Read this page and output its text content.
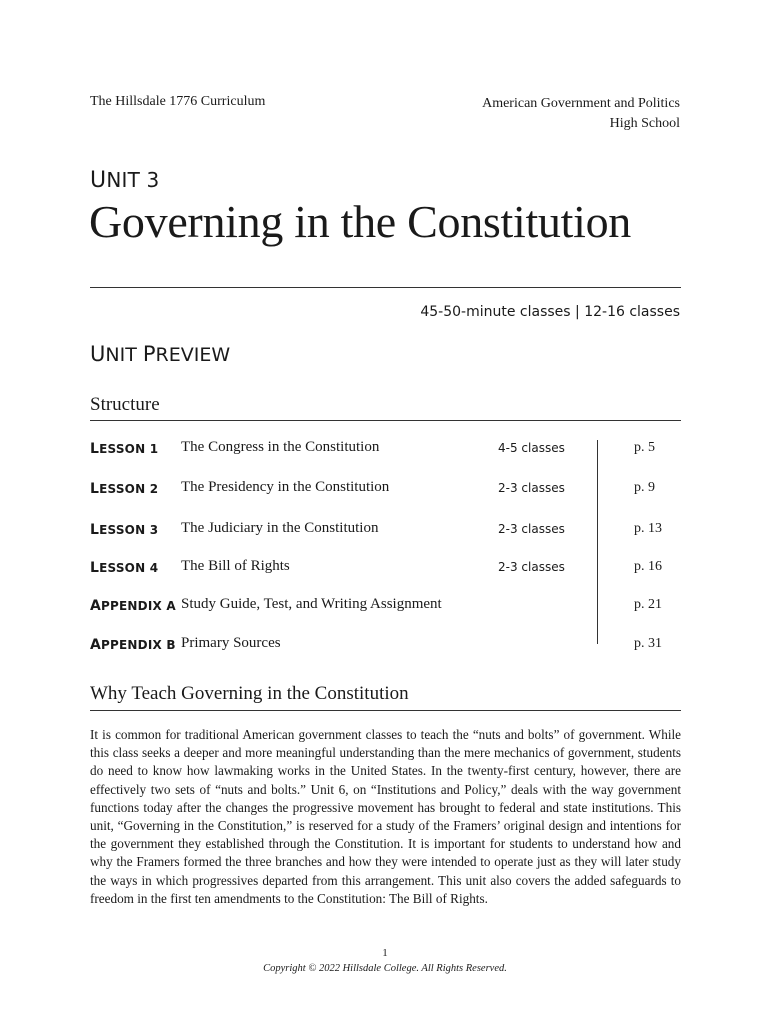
The Hillsdale 1776 Curriculum	American Government and Politics
High School
UNIT 3
Governing in the Constitution
45-50-minute classes | 12-16 classes
UNIT PREVIEW
Structure
LESSON 1 The Congress in the Constitution	4-5 classes	p. 5
LESSON 2 The Presidency in the Constitution	2-3 classes	p. 9
LESSON 3 The Judiciary in the Constitution	2-3 classes	p. 13
LESSON 4 The Bill of Rights	2-3 classes	p. 16
APPENDIX A Study Guide, Test, and Writing Assignment	p. 21
APPENDIX B Primary Sources	p. 31
Why Teach Governing in the Constitution
It is common for traditional American government classes to teach the “nuts and bolts” of government. While this class seeks a deeper and more meaningful understanding than the mere mechanics of government, students do need to know how lawmaking works in the United States. In the twenty-first century, however, there are effectively two sets of “nuts and bolts.” Unit 6, on “Institutions and Policy,” deals with the way government functions today after the changes the progressive movement has brought to federal and state institutions. This unit, “Governing in the Constitution,” is reserved for a study of the Framers’ original design and intentions for the government they established through the Constitution. It is important for students to understand how and why the Framers formed the three branches and how they were intended to operate just as they will later study the ways in which progressives departed from this arrangement. This unit also covers the added safeguards to freedom in the first ten amendments to the Constitution: The Bill of Rights.
1
Copyright © 2022 Hillsdale College. All Rights Reserved.
